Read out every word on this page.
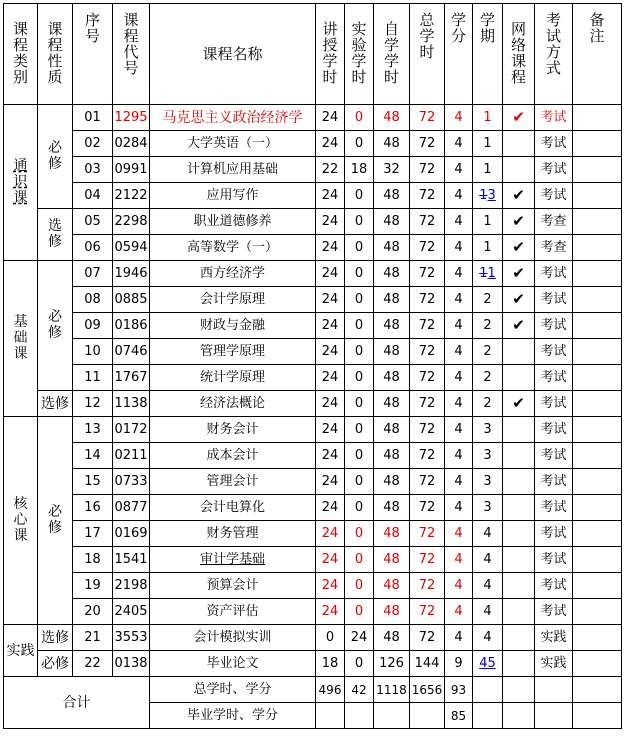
课程类别	课程性质	序号	课程代号	课程名称	讲授学时	实验学时	自学学时	总学时	学分	学期	网络课程	考试方式	备注
通识课	必修	01	1295	马克思主义政治经济学	24	0	48	72	4	1	✔	考试	
		02	0284	大学英语（一）	24	0	48	72	4	1		考试	
		03	0991	计算机应用基础	22	18	32	72	4	1		考试	
		04	2122	应用写作	24	0	48	72	4	13	✔	考试	
	选修	05	2298	职业道德修养	24	0	48	72	4	1	✔	考查	
		06	0594	高等数学（一）	24	0	48	72	4	1	✔	考查	
基础课	必修	07	1946	西方经济学	24	0	48	72	4	11	✔	考试	
		08	0885	会计学原理	24	0	48	72	4	2	✔	考试	
		09	0186	财政与金融	24	0	48	72	4	2	✔	考试	
		10	0746	管理学原理	24	0	48	72	4	2		考试	
		11	1767	统计学原理	24	0	48	72	4	2		考试	
	选修	12	1138	经济法概论	24	0	48	72	4	2	✔	考试	
核心课	必修	13	0172	财务会计	24	0	48	72	4	3		考试	
		14	0211	成本会计	24	0	48	72	4	3		考试	
		15	0733	管理会计	24	0	48	72	4	3		考试	
		16	0877	会计电算化	24	0	48	72	4	3		考试	
		17	0169	财务管理	24	0	48	72	4	4		考试	
		18	1541	审计学基础	24	0	48	72	4	4		考试	
		19	2198	预算会计	24	0	48	72	4	4		考试	
		20	2405	资产评估	24	0	48	72	4	4		考试	
实践	选修	21	3553	会计模拟实训	0	24	48	72	4	4		实践	
	必修	22	0138	毕业论文	18	0	126	144	9	45		实践	
合计				总学时、学分	496	42	1118	1656	93				
				毕业学时、学分					85				
